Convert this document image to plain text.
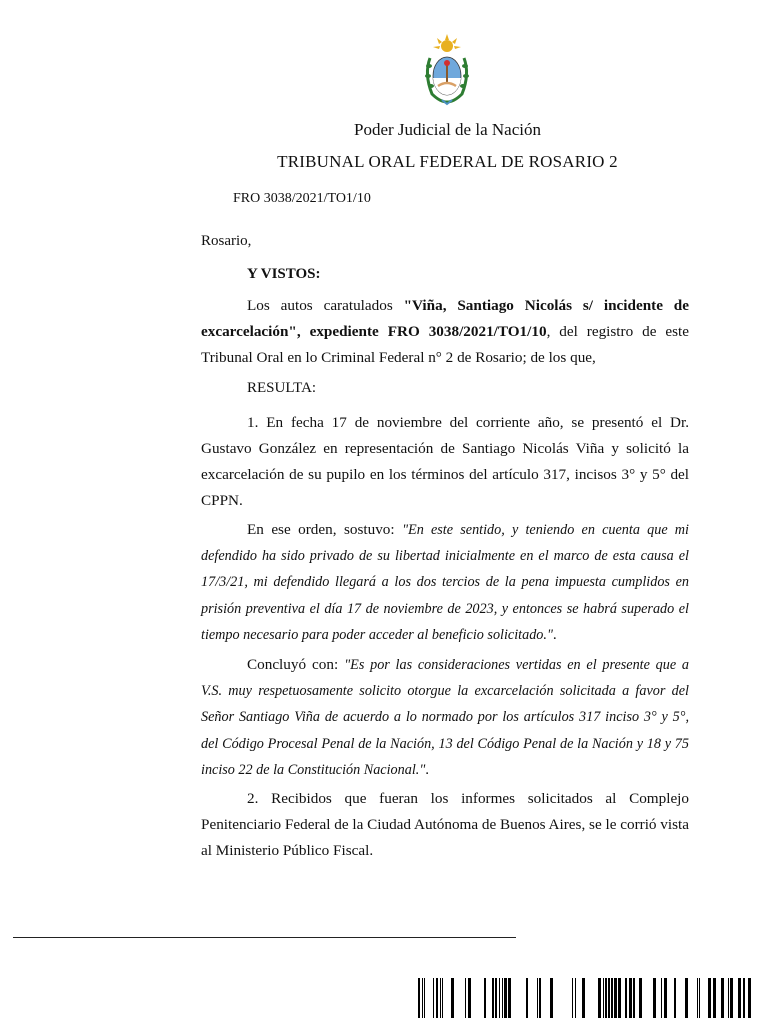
Poder Judicial de la Nación
TRIBUNAL ORAL FEDERAL DE ROSARIO 2
FRO 3038/2021/TO1/10
Rosario,
Y VISTOS:

Los autos caratulados "Viña, Santiago Nicolás s/ incidente de excarcelación", expediente FRO 3038/2021/TO1/10, del registro de este Tribunal Oral en lo Criminal Federal n° 2 de Rosario; de los que,

RESULTA:

1. En fecha 17 de noviembre del corriente año, se presentó el Dr. Gustavo González en representación de Santiago Nicolás Viña y solicitó la excarcelación de su pupilo en los términos del artículo 317, incisos 3° y 5° del CPPN.

En ese orden, sostuvo: "En este sentido, y teniendo en cuenta que mi defendido ha sido privado de su libertad inicialmente en el marco de esta causa el 17/3/21, mi defendido llegará a los dos tercios de la pena impuesta cumplidos en prisión preventiva el día 17 de noviembre de 2023, y entonces se habrá superado el tiempo necesario para poder acceder al beneficio solicitado.".

Concluyó con: "Es por las consideraciones vertidas en el presente que a V.S. muy respetuosamente solicito otorgue la excarcelación solicitada a favor del Señor Santiago Viña de acuerdo a lo normado por los artículos 317 inciso 3° y 5°, del Código Procesal Penal de la Nación, 13 del Código Penal de la Nación y 18 y 75 inciso 22 de la Constitución Nacional.".

2. Recibidos que fueran los informes solicitados al Complejo Penitenciario Federal de la Ciudad Autónoma de Buenos Aires, se le corrió vista al Ministerio Público Fiscal.
